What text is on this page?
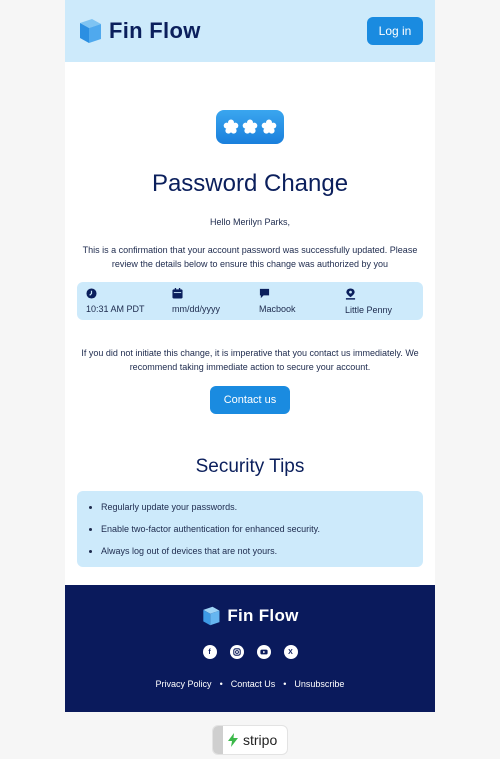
Fin Flow	Log in
Password Change
Hello Merilyn Parks,
This is a confirmation that your account password was successfully updated. Please
review the details below to ensure this change was authorized by you
10:31 AM PDT	mm/dd/yyyy	Macbook	Little Penny
If you did not initiate this change, it is imperative that you contact us immediately. We
recommend taking immediate action to secure your account.
Contact us
Security Tips
• Regularly update your passwords.
• Enable two-factor authentication for enhanced security.
• Always log out of devices that are not yours.
Fin Flow
f	X
Privacy Policy • Contact Us • Unsubscribe
stripo
